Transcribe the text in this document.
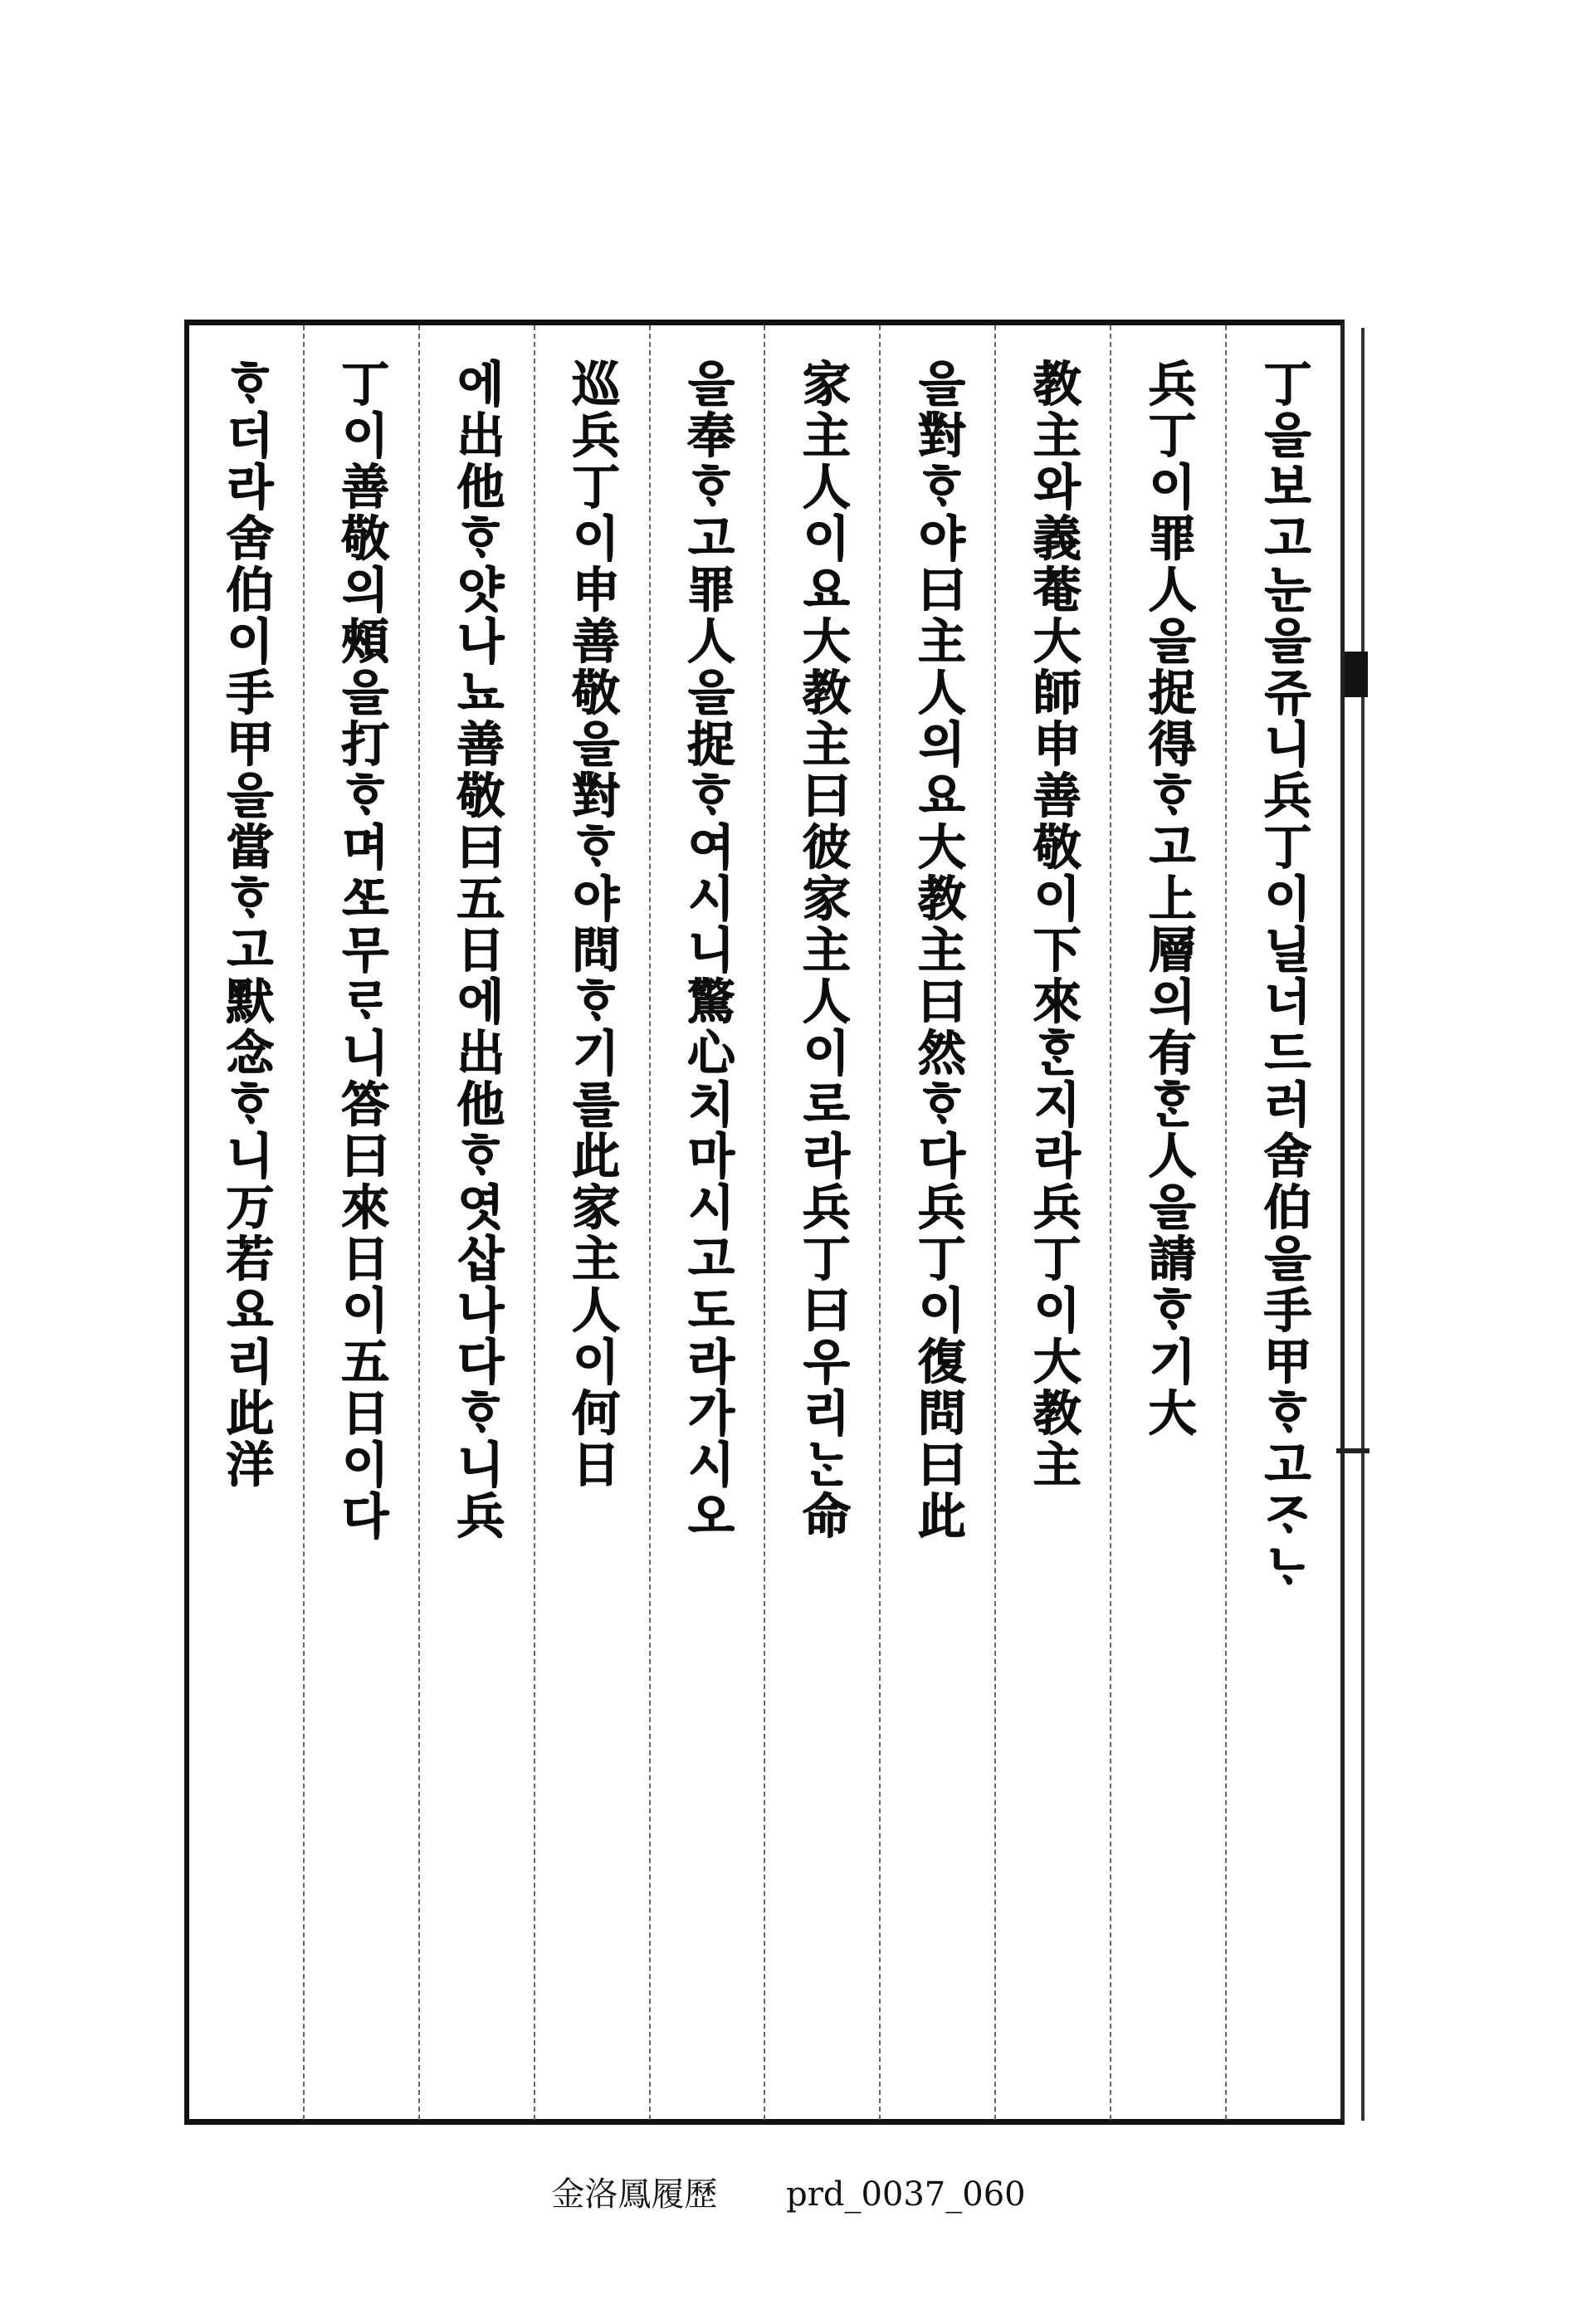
丁을보고눈을쥬니兵丁이닐너드러舍伯을手甲ᄒᆞ고ᄌᆞᄂᆞ
兵丁이罪人을捉得ᄒᆞ고上層의有ᄒᆞᆫ人을請ᄒᆞ기大
教主와義菴大師申善敬이下來ᄒᆞᆫ지라兵丁이大教主
을對ᄒᆞ야曰主人의요大教主曰然ᄒᆞ다兵丁이復問曰此
家主人이요大教主曰彼家主人이로라兵丁曰우리ᄂᆞᆫ命
을奉ᄒᆞ고罪人을捉ᄒᆞ여시니驚心치마시고도라가시오
巡兵丁이申善敬을對ᄒᆞ야問ᄒᆞ기를此家主人이何日
에出他ᄒᆞ얏나뇨善敬曰五日에出他ᄒᆞ엿삽나다ᄒᆞ니兵
丁이善敬의頰을打ᄒᆞ며ᄯᅩ무ᄅᆞ니答曰來日이五日이다
ᄒᆞ더라舍伯이手甲을當ᄒᆞ고默念ᄒᆞ니万若요리此洋
金洛鳳履歷 prd_0037_060
